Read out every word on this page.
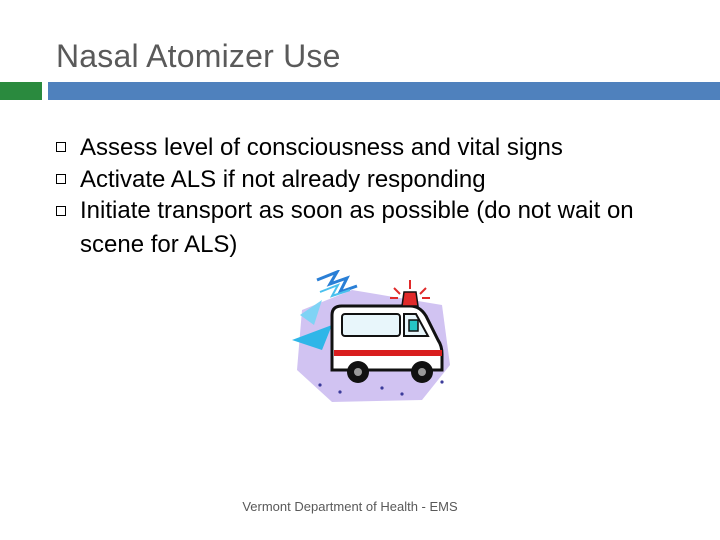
Nasal Atomizer Use
Assess level of consciousness and vital signs
Activate ALS if not already responding
Initiate transport as soon as possible (do not wait on scene for ALS)
Vermont Department of Health - EMS
